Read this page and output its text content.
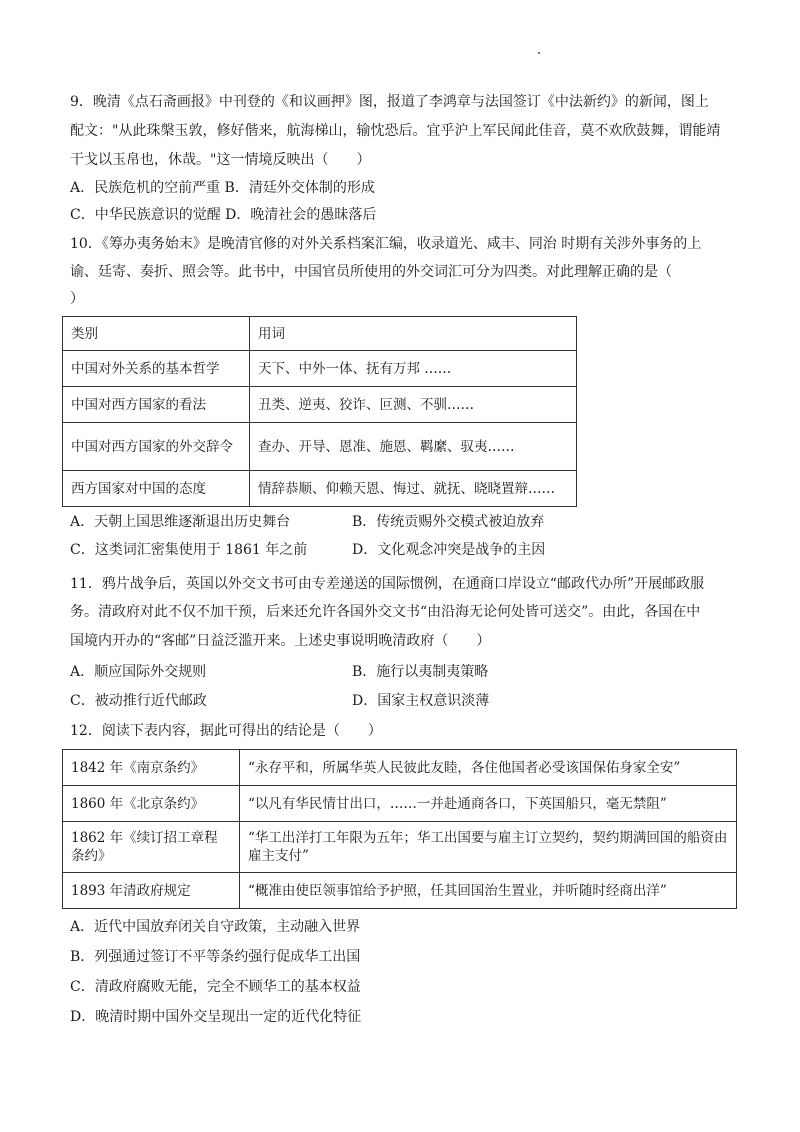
9．晚清《点石斋画报》中刊登的《和议画押》图，报道了李鸿章与法国签订《中法新约》的新闻，图上
配文："从此珠槃玉敦，修好偕来，航海梯山，输忱恐后。宜乎沪上军民闻此佳音，莫不欢欣鼓舞，谓能靖
干戈以玉帛也，休哉。"这一情境反映出（　　）
A．民族危机的空前严重 B．清廷外交体制的形成
C．中华民族意识的觉醒 D．晚清社会的愚昧落后
10．《筹办夷务始末》是晚清官修的对外关系档案汇编，收录道光、咸丰、同治 时期有关涉外事务的上
谕、廷寄、奏折、照会等。此书中，中国官员所使用的外交词汇可分为四类。对此理解正确的是（
）
类别	用词
中国对外关系的基本哲学	天下、中外一体、抚有万邦 ……
中国对西方国家的看法	丑类、逆夷、狡诈、叵测、不驯……
中国对西方国家的外交辞令	查办、开导、恩准、施恩、羁縻、驭夷……
西方国家对中国的态度	情辞恭顺、仰赖天恩、悔过、就抚、晓晓置辩……
A．天朝上国思维逐渐退出历史舞台	B．传统贡赐外交模式被迫放弃
C．这类词汇密集使用于 1861 年之前	D．文化观念冲突是战争的主因
11．鸦片战争后，英国以外交文书可由专差递送的国际惯例，在通商口岸设立“邮政代办所”开展邮政服
务。清政府对此不仅不加干预，后来还允许各国外交文书“由沿海无论何处皆可送交”。由此，各国在中
国境内开办的“客邮”日益泛滥开来。上述史事说明晚清政府（　　）
A．顺应国际外交规则	B．施行以夷制夷策略
C．被动推行近代邮政	D．国家主权意识淡薄
12．阅读下表内容，据此可得出的结论是（　　）
1842 年《南京条约》	“永存平和，所属华英人民彼此友睦，各住他国者必受该国保佑身家全安”
1860 年《北京条约》	“以凡有华民情甘出口，……一并赴通商各口，下英国船只，毫无禁阻”
1862 年《续订招工章程条约》	“华工出洋打工年限为五年；华工出国要与雇主订立契约，契约期满回国的船资由雇主支付”
1893 年清政府规定	“概准由使臣领事馆给予护照，任其回国治生置业，并听随时经商出洋”
A．近代中国放弃闭关自守政策，主动融入世界
B．列强通过签订不平等条约强行促成华工出国
C．清政府腐败无能，完全不顾华工的基本权益
D．晚清时期中国外交呈现出一定的近代化特征
